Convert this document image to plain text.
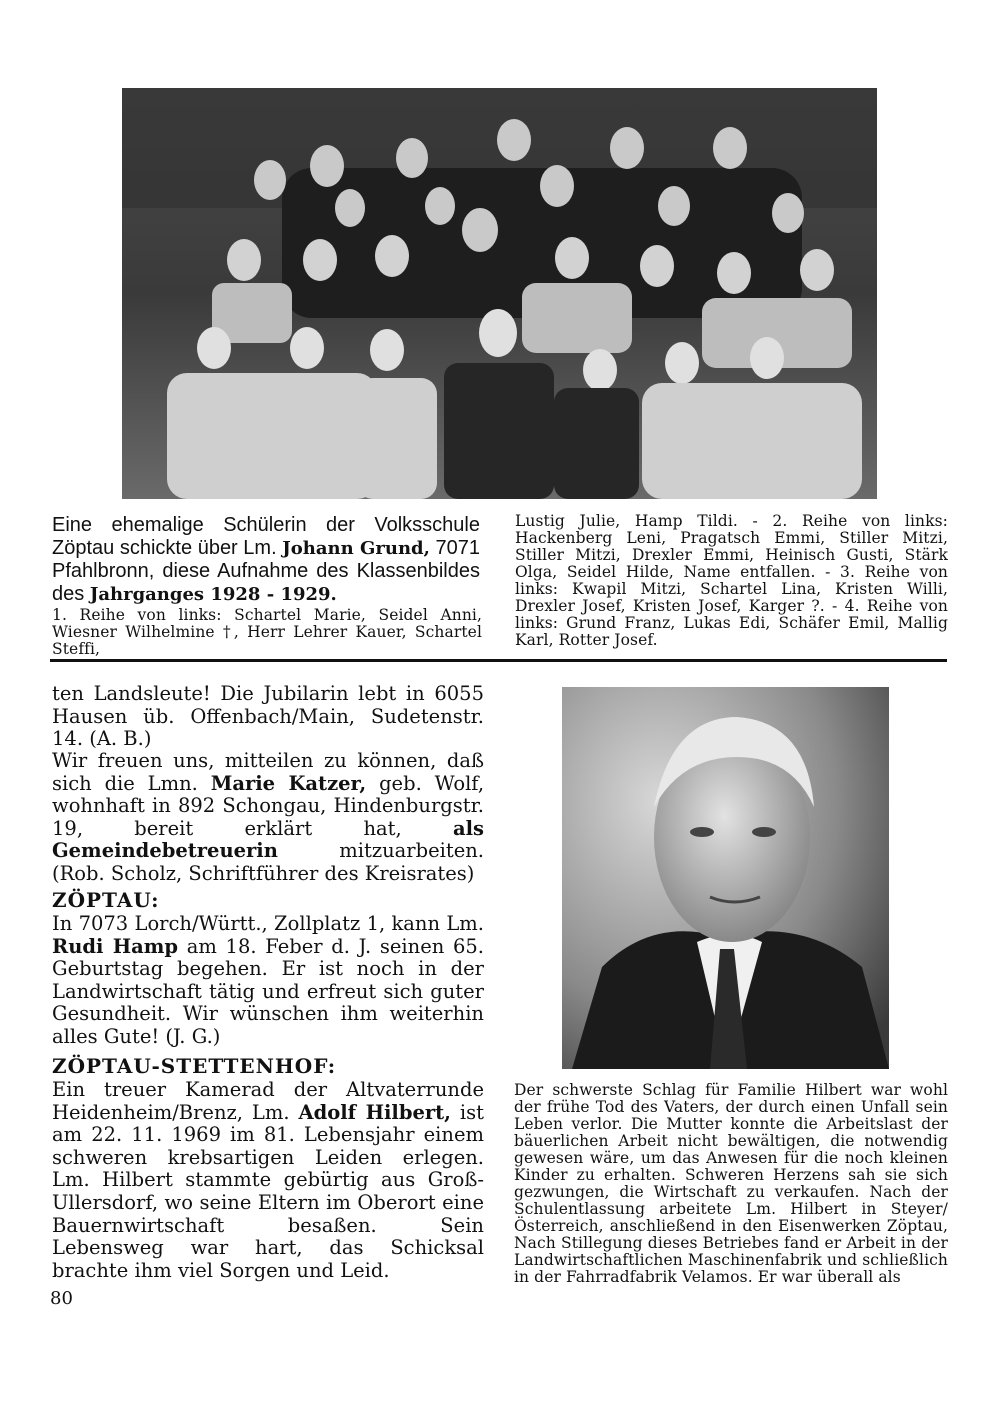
Eine ehemalige Schülerin der Volksschule Zöptau schickte über Lm. Johann Grund, 7071 Pfahlbronn, diese Aufnahme des Klassenbildes des Jahrganges 1928 - 1929.
1. Reihe von links: Schartel Marie, Seidel Anni, Wiesner Wilhelmine †, Herr Lehrer Kauer, Schartel Steffi,
Lustig Julie, Hamp Tildi. - 2. Reihe von links: Hackenberg Leni, Pragatsch Emmi, Stiller Mitzi, Stiller Mitzi, Drexler Emmi, Heinisch Gusti, Stärk Olga, Seidel Hilde, Name entfallen. - 3. Reihe von links: Kwapil Mitzi, Schartel Lina, Kristen Willi, Drexler Josef, Kristen Josef, Karger ?. - 4. Reihe von links: Grund Franz, Lukas Edi, Schäfer Emil, Mallig Karl, Rotter Josef.
ten Landsleute! Die Jubilarin lebt in 6055 Hausen üb. Offenbach/Main, Sudetenstr. 14. (A. B.)
Wir freuen uns, mitteilen zu können, daß sich die Lmn. Marie Katzer, geb. Wolf, wohnhaft in 892 Schongau, Hindenburgstr. 19, bereit erklärt hat,	als Gemeindebetreuerin	mitzuarbeiten. (Rob. Scholz, Schriftführer des Kreisrates)
ZÖPTAU:
In 7073 Lorch/Württ., Zollplatz 1, kann Lm. Rudi Hamp am 18. Feber d. J. seinen 65. Geburtstag begehen. Er ist noch in der Landwirtschaft tätig und erfreut sich guter Gesundheit. Wir wünschen ihm weiterhin alles Gute! (J. G.)
ZÖPTAU-STETTENHOF:
Ein treuer Kamerad der Altvaterrunde Heidenheim/Brenz, Lm. Adolf Hilbert, ist am 22. 11. 1969 im 81. Lebensjahr einem schweren krebsartigen Leiden erlegen. Lm. Hilbert stammte gebürtig aus Groß-Ullersdorf, wo seine Eltern im Oberort eine Bauernwirtschaft besaßen. Sein Lebensweg war hart, das Schicksal brachte ihm viel Sorgen und Leid.
Der schwerste Schlag für Familie Hilbert war wohl der frühe Tod des Vaters, der durch einen Unfall sein Leben verlor. Die Mutter konnte die Arbeitslast der bäuerlichen Arbeit nicht bewältigen, die notwendig gewesen wäre, um das Anwesen für die noch kleinen Kinder zu erhalten. Schweren Herzens sah sie sich gezwungen, die Wirtschaft zu verkaufen. Nach der Schulentlassung arbeitete Lm. Hilbert in Steyer/Österreich, anschließend in den Eisenwerken Zöptau, Nach Stillegung dieses Betriebes fand er Arbeit in der Landwirtschaftlichen Maschinenfabrik und schließlich in der Fahrradfabrik Velamos. Er war überall als
80
